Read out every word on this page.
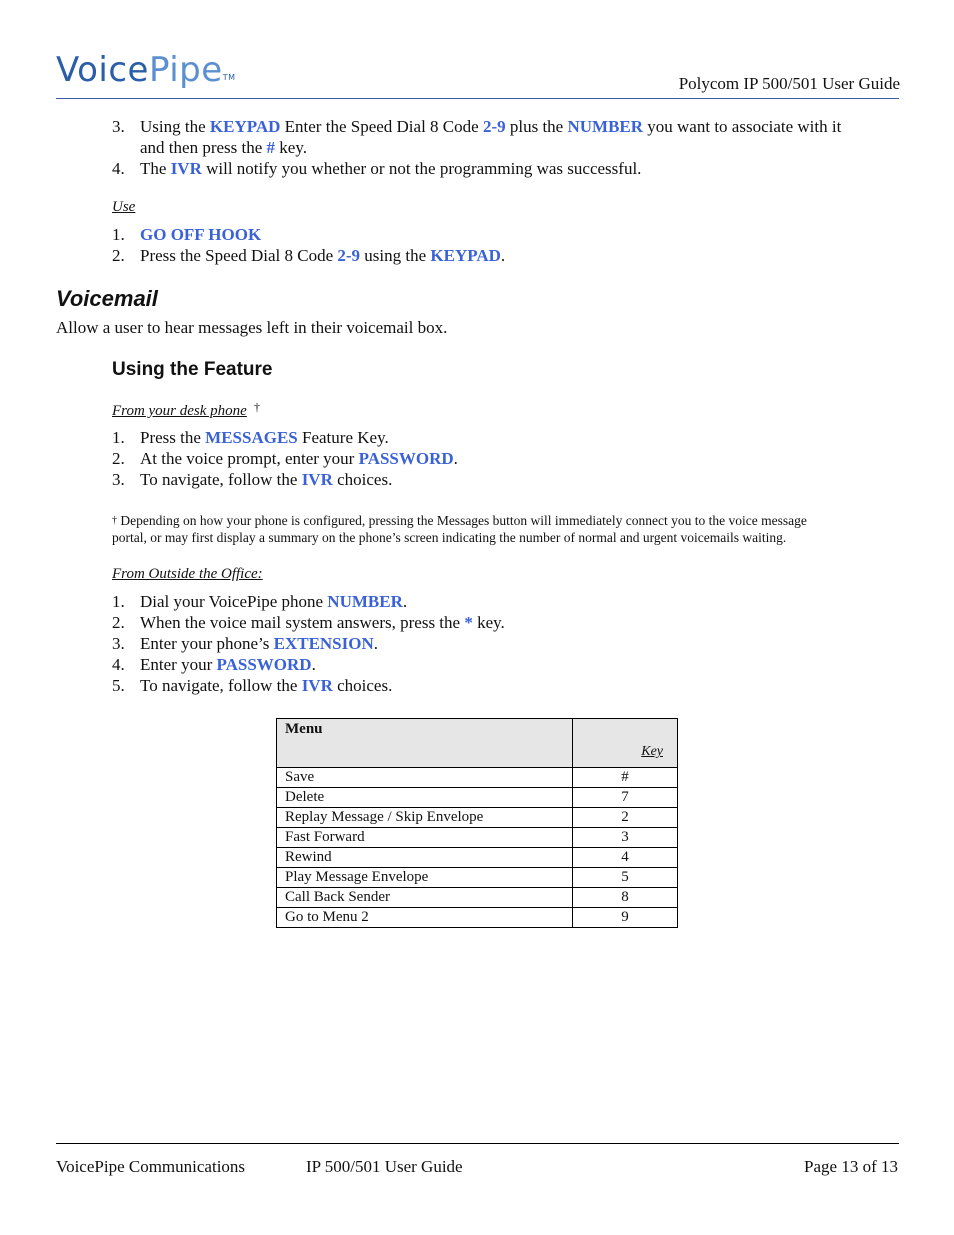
VoicePipe™	Polycom IP 500/501 User Guide
3. Using the KEYPAD Enter the Speed Dial 8 Code 2-9 plus the NUMBER you want to associate with it
and then press the # key.
4. The IVR will notify you whether or not the programming was successful.
Use
1. GO OFF HOOK
2. Press the Speed Dial 8 Code 2-9 using the KEYPAD.
Voicemail
Allow a user to hear messages left in their voicemail box.
Using the Feature
From your desk phone †
1. Press the MESSAGES Feature Key.
2. At the voice prompt, enter your PASSWORD.
3. To navigate, follow the IVR choices.
† Depending on how your phone is configured, pressing the Messages button will immediately connect you to the voice message
portal, or may first display a summary on the phone’s screen indicating the number of normal and urgent voicemails waiting.
From Outside the Office:
1. Dial your VoicePipe phone NUMBER.
2. When the voice mail system answers, press the * key.
3. Enter your phone’s EXTENSION.
4. Enter your PASSWORD.
5. To navigate, follow the IVR choices.
Menu	Key
Save	#
Delete	7
Replay Message / Skip Envelope	2
Fast Forward	3
Rewind	4
Play Message Envelope	5
Call Back Sender	8
Go to Menu 2	9
VoicePipe Communications	IP 500/501 User Guide	Page 13 of 13
